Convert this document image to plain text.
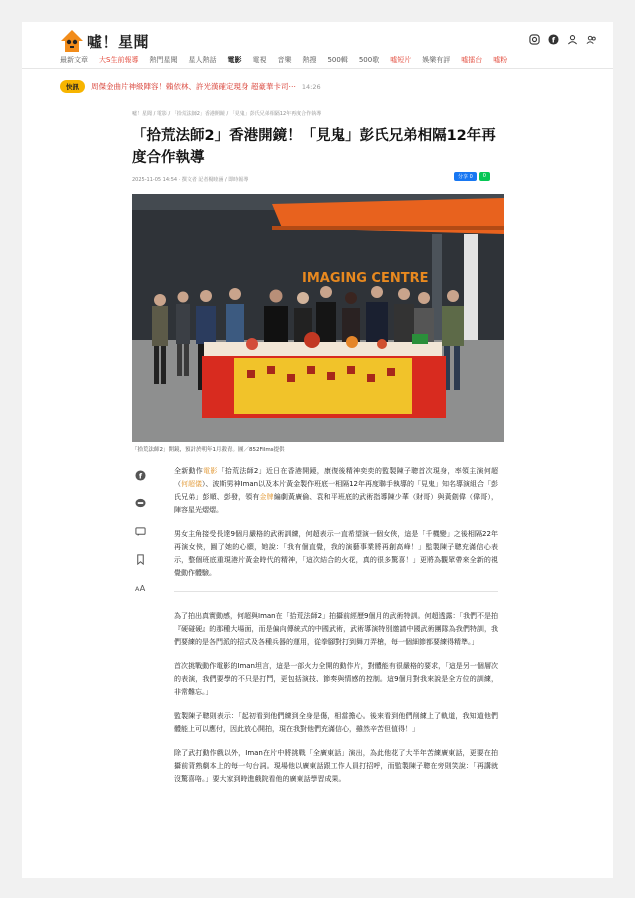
噓！星聞	f
最新文章 大S生前報導 熱門星聞 星人熱話 電影 電視 音樂 熱搜 500輯 500歌 噓短片 娛樂有評 噓擂台 噓粉
快訊	周傑金曲片神級陣容！賴依林、許光漢確定現身 超豪華卡司⋯ 14:26
噓！星聞 / 電影 / 「拾荒法師2」香港開鏡 / 「見鬼」彭氏兄弟相隔12年再度合作執導
「拾荒法師2」香港開鏡！「見鬼」彭氏兄弟相隔12年再度合作執導
2025-11-05 14:54 · 撰文者 記者楊睦涵 / 即時報導	分享 0	0
IMAGING CENTRE
「拾荒法師2」開鏡，預計於明年1月殺青。圖／852Films提供
f
A A

全新動作電影「拾荒法師2」近日在香港開鏡，康復後精神奕奕的監製陳子聰首次現身，率領主演何超（何超儀）、波斯男神Iman以及本片黃金製作班底一相隔12年再度聯手執導的「見鬼」知名導演組合「彭氏兄弟」彭順、彭發，領有金牌編劇黃廣倫、袁和平班底的武術指導陳少華（財哥）與黃劍偉（偉哥），陣容星光熠熠。

男女主角接受長達9個月嚴格的武術訓練，何超表示一直希望演一個女俠，這是「千機變」之後相隔22年再演女俠，圓了她的心願，她說：「我有個直覺，我的演藝事業將再創高峰！」監製陳子聰充滿信心表示，整個班底重現港片黃金時代的精神，「這次結合的火花，真的很多驚喜！」更將為觀眾帶來全新的視覺動作體驗。

為了拍出真實動感，何超與Iman在「拾荒法師2」拍攝前經歷9個月的武術特訓。何超透露：「我們不是拍『硬碰硬』的那種大場面，而是偏向傳統式的中國武術，武術導演特別邀請中國武術團隊為我們特訓，我們要練的是各門派的招式及各種兵器的運用，從拳腳對打到舞刀弄槍，每一個細節都要練得精準。」

首次挑戰動作電影的Iman坦言，這是一部火力全開的動作片，對體能有很嚴格的要求，「這是另一個層次的表演，我們要學的不只是打鬥，更包括演技、節奏與情感的控制。這9個月對我來說是全方位的訓練，非常難忘。」

監製陳子聰則表示：「起初看到他們練到全身是傷，相當擔心。後來看到他們削練上了軌道，我知道他們體能上可以應付，因此放心開拍，現在我對他們充滿信心，雖然辛苦但值得！」

除了武打動作戲以外，Iman在片中將挑戰「全廣東話」演出，為此他花了大半年苦練廣東話，更要在拍攝前背熟劇本上的每一句台詞。現場他以廣東話跟工作人員打招呼，而監製陳子聰在旁則笑說：「再講就沒驚喜咯。」要大家到時進戲院看他的廣東話學習成果。
